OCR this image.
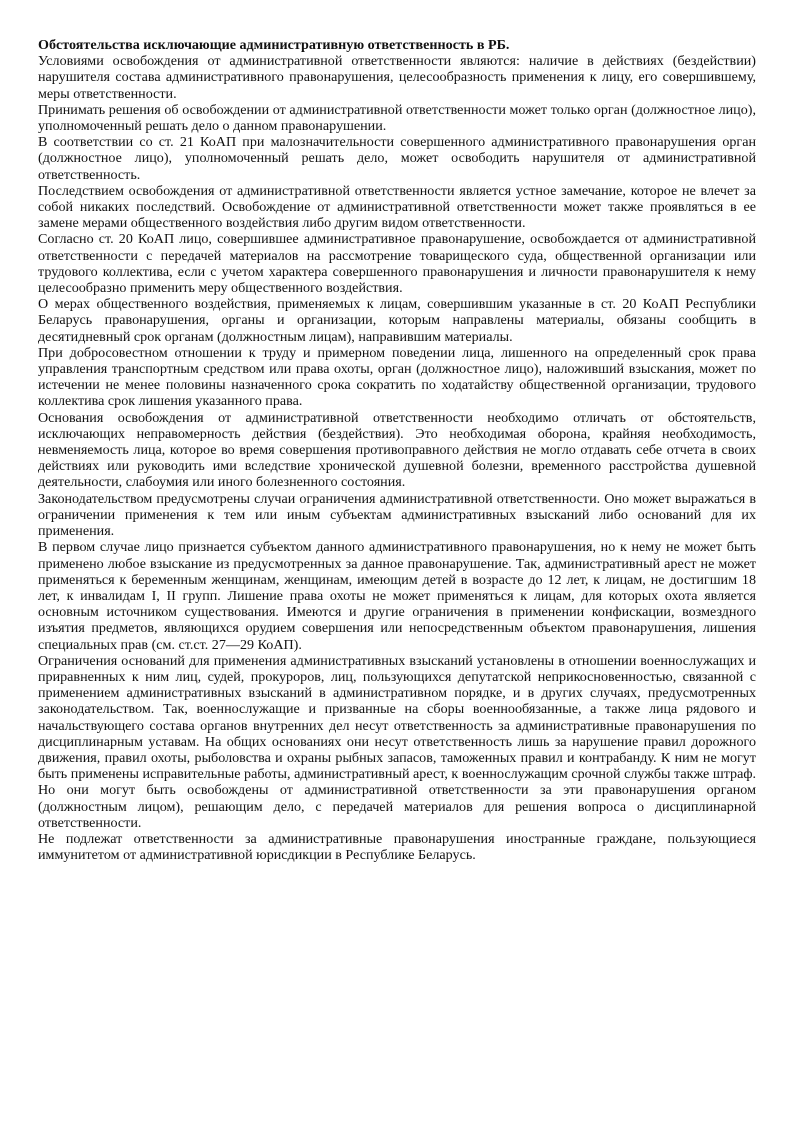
Обстоятельства исключающие административную ответственность в РБ.

Условиями освобождения от административной ответственности являются: наличие в действиях (бездействии) нарушителя состава административного правонарушения, целесообразность применения к лицу, его совершившему, меры ответственности.

Принимать решения об освобождении от административной ответственности может только орган (должностное лицо), уполномоченный решать дело о данном правонарушении.

В соответствии со ст. 21 КоАП при малозначительности совершенного административного правонарушения орган (должностное лицо), уполномоченный решать дело, может освободить нарушителя от административной ответственность.

Последствием освобождения от административной ответственности является устное замечание, которое не влечет за собой никаких последствий. Освобождение от административной ответственности может также проявляться в ее замене мерами общественного воздействия либо другим видом ответственности.

Согласно ст. 20 КоАП лицо, совершившее административное правонарушение, освобождается от административной ответственности с передачей материалов на рассмотрение товарищеского суда, общественной организации или трудового коллектива, если с учетом характера совершенного правонарушения и личности правонарушителя к нему целесообразно применить меру общественного воздействия.

О мерах общественного воздействия, применяемых к лицам, совершившим указанные в ст. 20 КоАП Республики Беларусь правонарушения, органы и организации, которым направлены материалы, обязаны сообщить в десятидневный срок органам (должностным лицам), направившим материалы.

При добросовестном отношении к труду и примерном поведении лица, лишенного на определенный срок права управления транспортным средством или права охоты, орган (должностное лицо), наложивший взыскания, может по истечении не менее половины назначенного срока сократить по ходатайству общественной организации, трудового коллектива срок лишения указанного права.

Основания освобождения от административной ответственности необходимо отличать от обстоятельств, исключающих неправомерность действия (бездействия). Это необходимая оборона, крайняя необходимость, невменяемость лица, которое во время совершения противоправного действия не могло отдавать себе отчета в своих действиях или руководить ими вследствие хронической душевной болезни, временного расстройства душевной деятельности, слабоумия или иного болезненного состояния.

Законодательством предусмотрены случаи ограничения административной ответственности. Оно может выражаться в ограничении применения к тем или иным субъектам административных взысканий либо оснований для их применения.

В первом случае лицо признается субъектом данного административного правонарушения, но к нему не может быть применено любое взыскание из предусмотренных за данное правонарушение. Так, административный арест не может применяться к беременным женщинам, женщинам, имеющим детей в возрасте до 12 лет, к лицам, не достигшим 18 лет, к инвалидам I, II групп. Лишение права охоты не может применяться к лицам, для которых охота является основным источником существования. Имеются и другие ограничения в применении конфискации, возмездного изъятия предметов, являющихся орудием совершения или непосредственным объектом правонарушения, лишения специальных прав (см. ст.ст. 27—29 КоАП).

Ограничения оснований для применения административных взысканий установлены в отношении военнослужащих и приравненных к ним лиц, судей, прокуроров, лиц, пользующихся депутатской неприкосновенностью, связанной с применением административных взысканий в административном порядке, и в других случаях, предусмотренных законодательством. Так, военнослужащие и призванные на сборы военнообязанные, а также лица рядового и начальствующего состава органов внутренних дел несут ответственность за административные правонарушения по дисциплинарным уставам. На общих основаниях они несут ответственность лишь за нарушение правил дорожного движения, правил охоты, рыболовства и охраны рыбных запасов, таможенных правил и контрабанду. К ним не могут быть применены исправительные работы, административный арест, к военнослужащим срочной службы также штраф. Но они могут быть освобождены от административной ответственности за эти правонарушения органом (должностным лицом), решающим дело, с передачей материалов для решения вопроса о дисциплинарной ответственности.

Не подлежат ответственности за административные правонарушения иностранные граждане, пользующиеся иммунитетом от административной юрисдикции в Республике Беларусь.
